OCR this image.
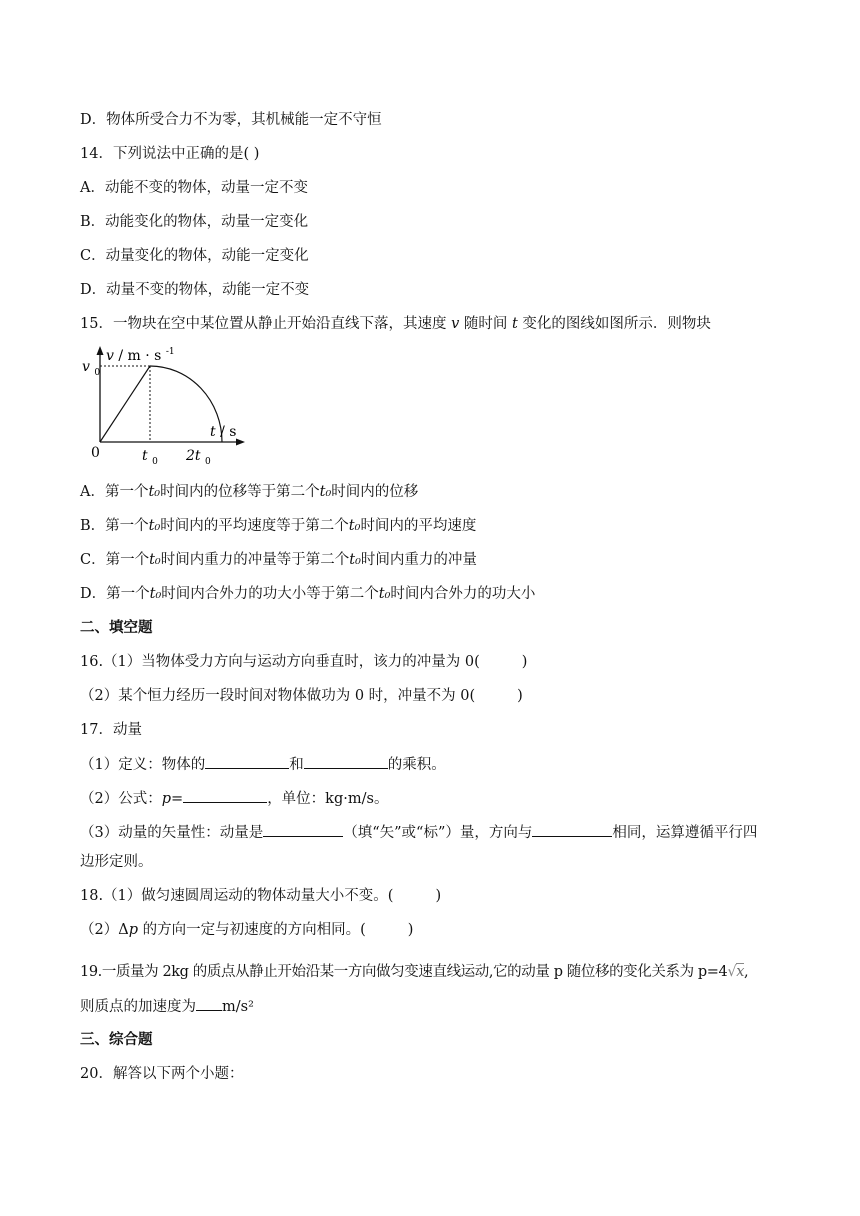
D．物体所受合力不为零，其机械能一定不守恒
14．下列说法中正确的是( )
A．动能不变的物体，动量一定不变
B．动能变化的物体，动量一定变化
C．动量变化的物体，动能一定变化
D．动量不变的物体，动能一定不变
15．一物块在空中某位置从静止开始沿直线下落，其速度 v 随时间 t 变化的图线如图所示．则物块
v / m · s $^{-1}$
v $_0$
t / s
0	t $_0$ 2t $_0$
A．第一个t₀时间内的位移等于第二个t₀时间内的位移
B．第一个t₀时间内的平均速度等于第二个t₀时间内的平均速度
C．第一个t₀时间内重力的冲量等于第二个t₀时间内重力的冲量
D．第一个t₀时间内合外力的功大小等于第二个t₀时间内合外力的功大小
二、填空题
16.（1）当物体受力方向与运动方向垂直时，该力的冲量为 0(	)
（2）某个恒力经历一段时间对物体做功为 0 时，冲量不为 0(	)
17．动量
（1）定义：物体的	和	的乘积。
（2）公式：p=	，单位：kg·m/s。
（3）动量的矢量性：动量是	（填“矢”或“标”）量，方向与	相同，运算遵循平行四
边形定则。
18.（1）做匀速圆周运动的物体动量大小不变。(	)
（2）Δp 的方向一定与初速度的方向相同。(	)
19.一质量为 2kg 的质点从静止开始沿某一方向做匀变速直线运动,它的动量 p 随位移的变化关系为 p=4√x,
则质点的加速度为 m/s²
三、综合题
20．解答以下两个小题：
